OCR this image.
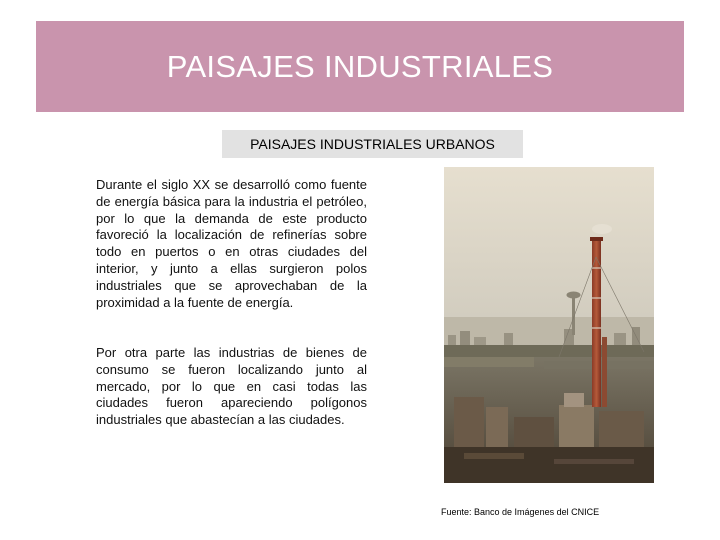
PAISAJES INDUSTRIALES
PAISAJES INDUSTRIALES URBANOS

Durante el siglo XX se desarrolló como fuente de energía básica para la industria el petróleo, por lo que la demanda de este producto favoreció la localización de refinerías sobre todo en puertos o en otras ciudades del interior, y junto a ellas surgieron polos industriales que se aprovechaban de la proximidad a la fuente de energía.

Por otra parte las industrias de bienes de consumo se fueron localizando junto al mercado, por lo que en casi todas las ciudades fueron apareciendo polígonos industriales que abastecían a las ciudades.

Fuente: Banco de Imágenes del CNICE
